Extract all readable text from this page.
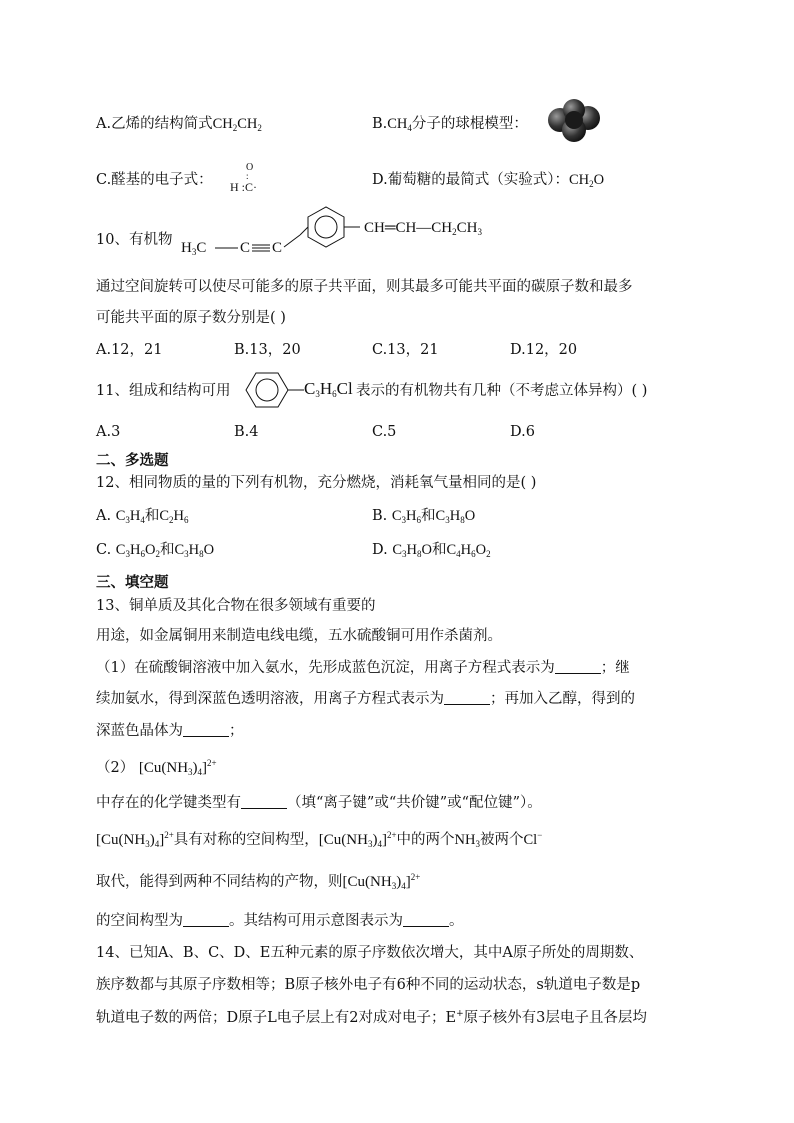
A.乙烯的结构简式$CH_2CH_2$	$B.CH_4$分子的球棍模型：
C.醛基的电子式：
O
:
H :C·	D.葡萄糖的最简式（实验式）：$CH_2O$
10、有机物 $H_3C$ C C
$CH═CH—CH_2CH_3$
通过空间旋转可以使尽可能多的原子共平面，则其最多可能共平面的碳原子数和最多
可能共平面的原子数分别是( )
A.12，21	B.13，20	C.13，21	D.12，20
11、组成和结构可用	$C_3H_6Cl$ 表示的有机物共有几种（不考虑立体异构）( )
A.3	B.4	C.5	D.6
二、多选题
12、相同物质的量的下列有机物，充分燃烧，消耗氧气量相同的是( )
A. $C_3H_4$和$C_2H_6$	B. $C_3H_6$和$C_3H_8O$
C. $C_3H_6O_2$和$C_3H_8O$	D. $C_3H_8O$和$C_4H_6O_2$
三、填空题
13、铜单质及其化合物在很多领域有重要的
用途，如金属铜用来制造电线电缆，五水硫酸铜可用作杀菌剂。
（1）在硫酸铜溶液中加入氨水，先形成蓝色沉淀，用离子方程式表示为	；继
续加氨水，得到深蓝色透明溶液，用离子方程式表示为	；再加入乙醇，得到的
深蓝色晶体为	；
（2） $[Cu(NH_3)_4]^{2+}$
中存在的化学键类型有	（填“离子键”或“共价键”或“配位键”）。
$[Cu(NH_3)_4]^{2+}$具有对称的空间构型，$[Cu(NH_3)_4]^{2+}$中的两个$NH_3$被两个Cl−
取代，能得到两种不同结构的产物，则$[Cu(NH_3)_4]^{2+}$
的空间构型为	。其结构可用示意图表示为	。
14、已知A、B、C、D、E五种元素的原子序数依次增大，其中A原子所处的周期数、
族序数都与其原子序数相等；B原子核外电子有6种不同的运动状态，s轨道电子数是p
轨道电子数的两倍；D原子L电子层上有2对成对电子；E+原子核外有3层电子且各层均
